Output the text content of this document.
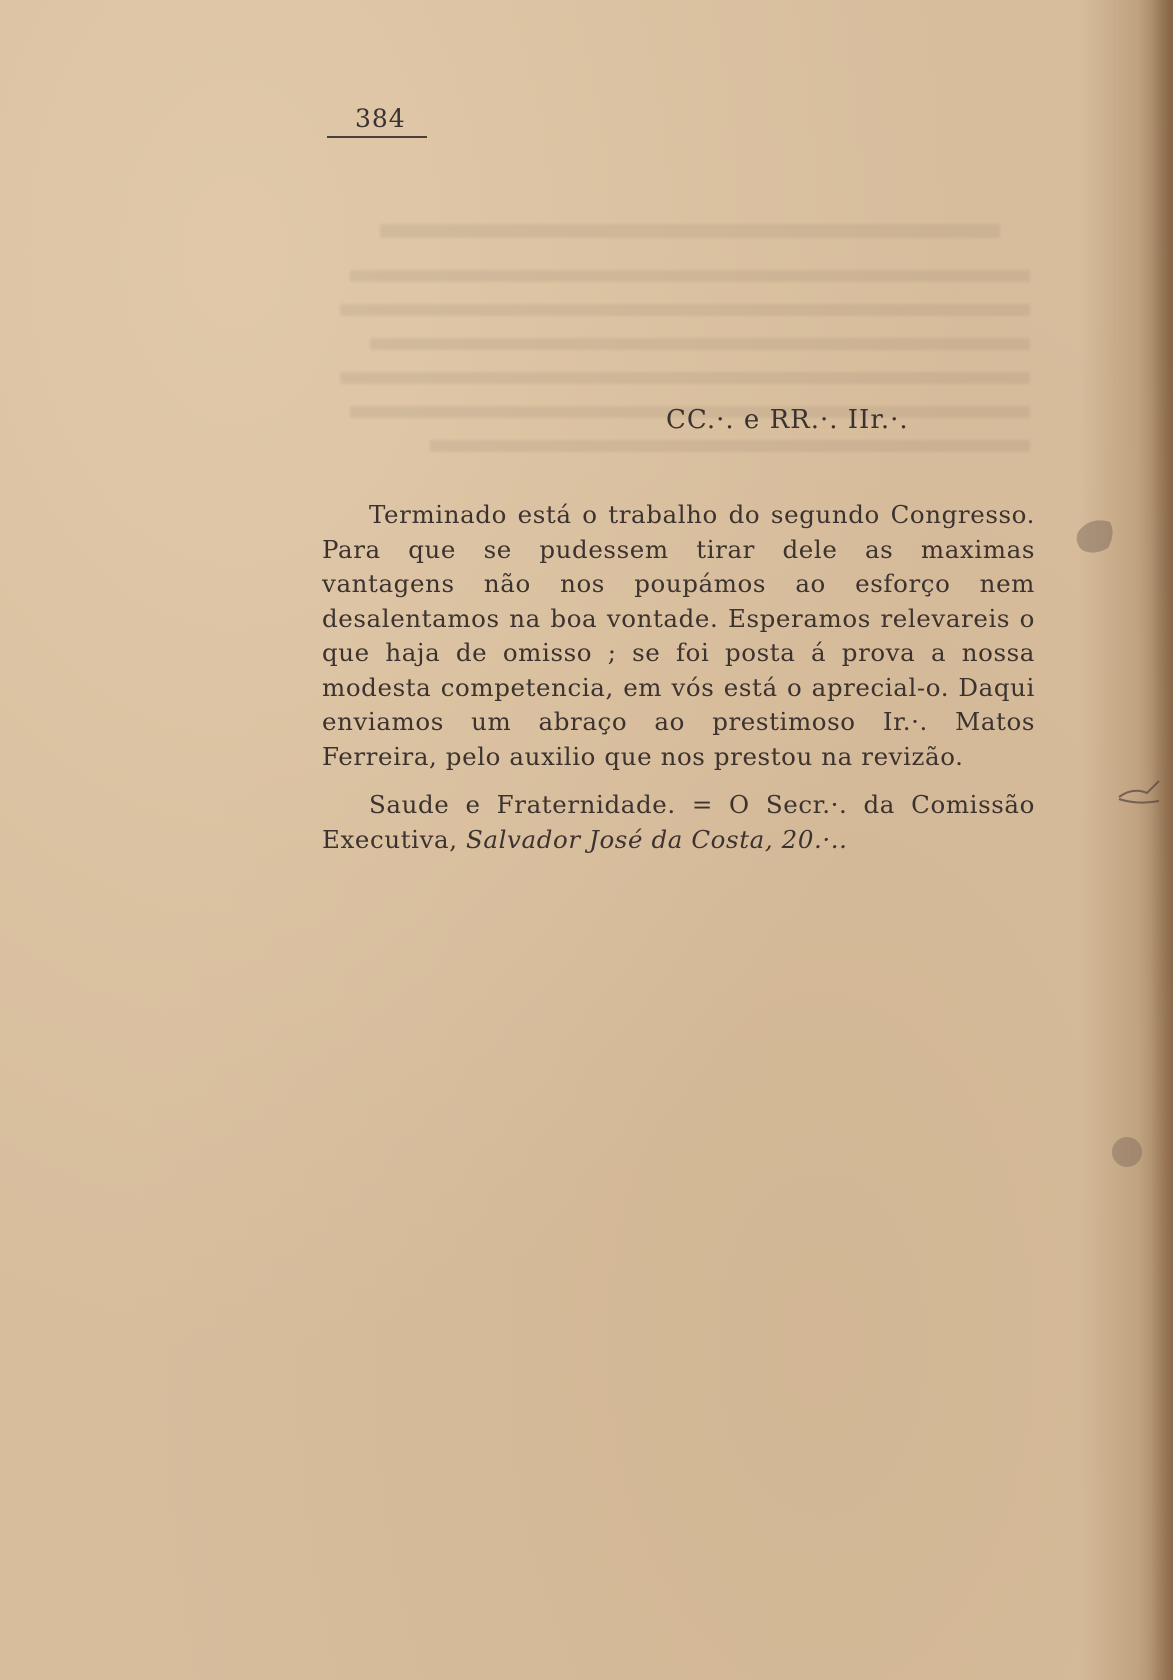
384
CC.·. e RR.·. IIr.·.

Terminado está o trabalho do segundo Congresso. Para que se pudessem tirar dele as maximas vantagens não nos poupámos ao esforço nem desalentamos na boa vontade. Esperamos relevareis o que haja de omisso ; se foi posta á prova a nossa modesta competencia, em vós está o aprecial-o. Daqui enviamos um abraço ao prestimoso Ir.·. Matos Ferreira, pelo auxilio que nos prestou na revizão.

Saude e Fraternidade. = O Secr.·. da Comissão Executiva, Salvador José da Costa, 20.·..
